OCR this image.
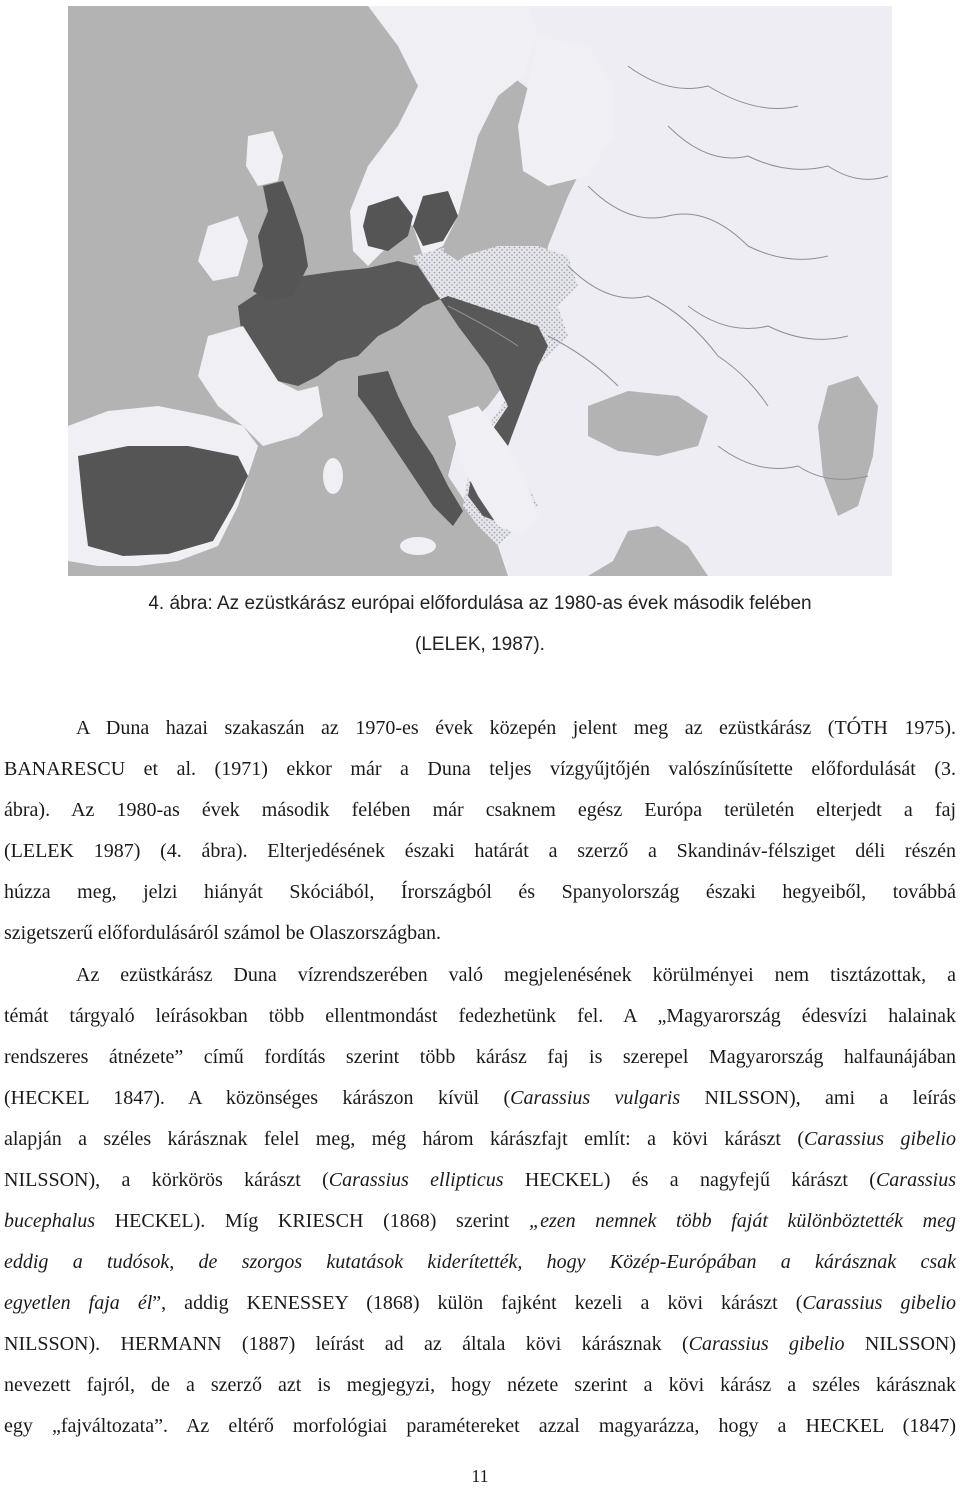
4. ábra: Az ezüstkárász európai előfordulása az 1980-as évek második felében
(LELEK, 1987).
A Duna hazai szakaszán az 1970-es évek közepén jelent meg az ezüstkárász (TÓTH 1975).
BANARESCU et al. (1971) ekkor már a Duna teljes vízgyűjtőjén valószínűsítette előfordulását (3.
ábra). Az 1980-as évek második felében már csaknem egész Európa területén elterjedt a faj
(LELEK 1987) (4. ábra). Elterjedésének északi határát a szerző a Skandináv-félsziget déli részén
húzza meg, jelzi hiányát Skóciából, Írországból és Spanyolország északi hegyeiből, továbbá
szigetszerű előfordulásáról számol be Olaszországban.
Az ezüstkárász Duna vízrendszerében való megjelenésének körülményei nem tisztázottak, a
témát tárgyaló leírásokban több ellentmondást fedezhetünk fel. A „Magyarország édesvízi halainak
rendszeres átnézete” című fordítás szerint több kárász faj is szerepel Magyarország halfaunájában
(HECKEL 1847). A közönséges kárászon kívül (Carassius vulgaris NILSSON), ami a leírás
alapján a széles kárásznak felel meg, még három kárászfajt említ: a kövi kárászt (Carassius gibelio
NILSSON), a körkörös kárászt (Carassius ellipticus HECKEL) és a nagyfejű kárászt (Carassius
bucephalus HECKEL). Míg KRIESCH (1868) szerint „ezen nemnek több faját különböztették meg
eddig a tudósok, de szorgos kutatások kiderítették, hogy Közép-Európában a kárásznak csak
egyetlen faja él”, addig KENESSEY (1868) külön fajként kezeli a kövi kárászt (Carassius gibelio
NILSSON). HERMANN (1887) leírást ad az általa kövi kárásznak (Carassius gibelio NILSSON)
nevezett fajról, de a szerző azt is megjegyzi, hogy nézete szerint a kövi kárász a széles kárásznak
egy „fajváltozata”. Az eltérő morfológiai paramétereket azzal magyarázza, hogy a HECKEL (1847)
11
